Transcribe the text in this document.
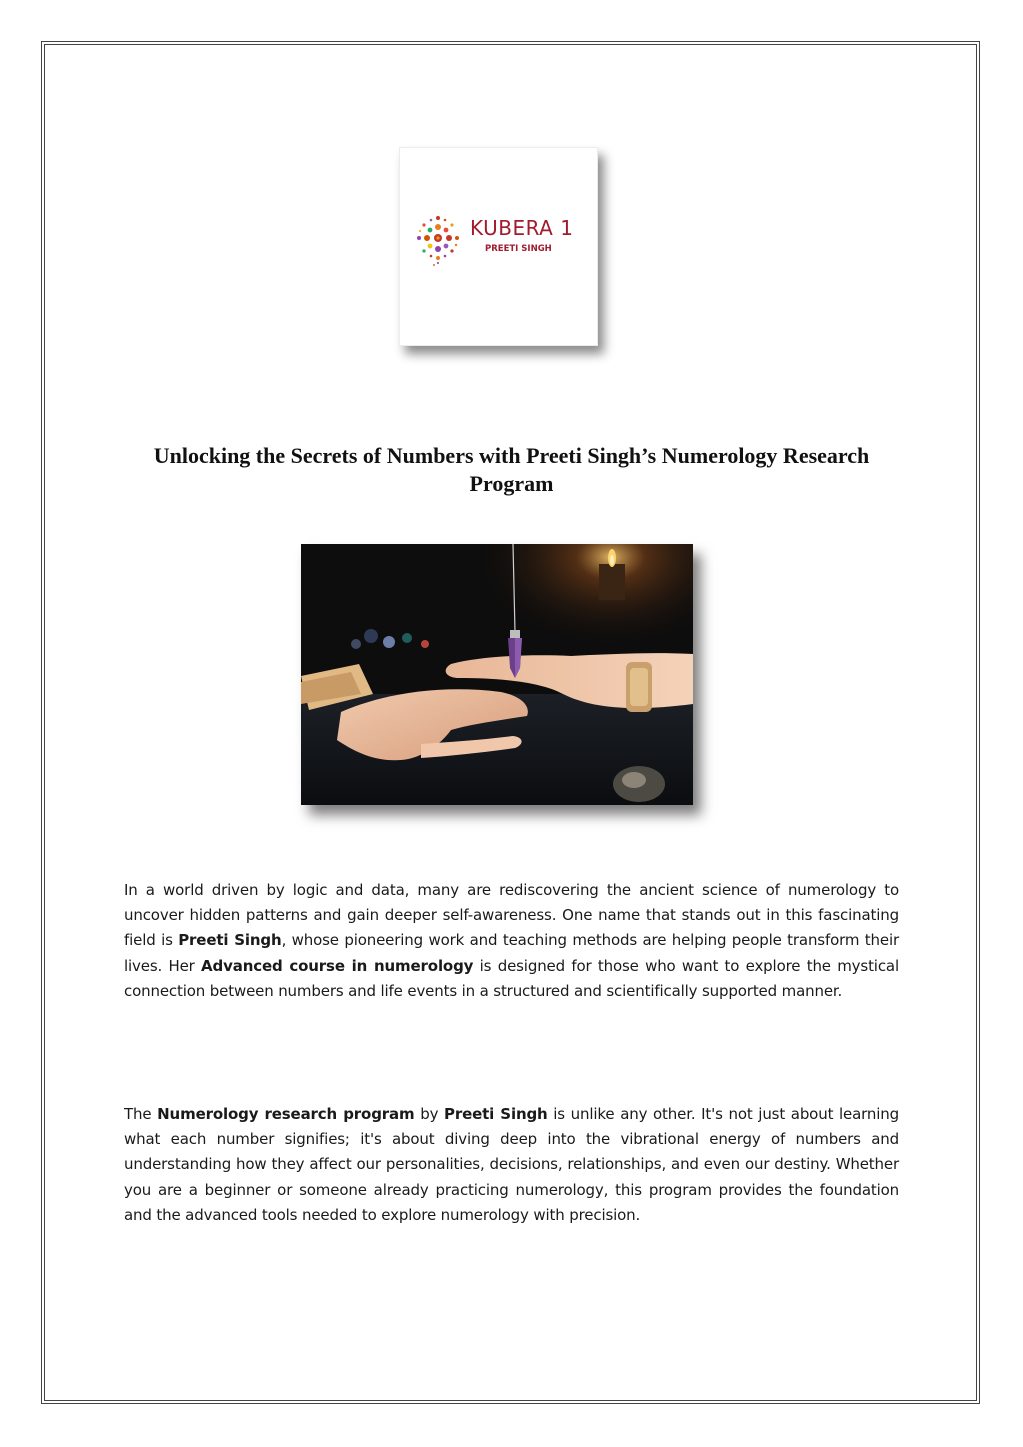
KUBERA 1
PREETI SINGH
Unlocking the Secrets of Numbers with Preeti Singh’s Numerology Research Program

In a world driven by logic and data, many are rediscovering the ancient science of numerology to uncover hidden patterns and gain deeper self-awareness. One name that stands out in this fascinating field is Preeti Singh, whose pioneering work and teaching methods are helping people transform their lives. Her Advanced course in numerology is designed for those who want to explore the mystical connection between numbers and life events in a structured and scientifically supported manner.

The Numerology research program by Preeti Singh is unlike any other. It's not just about learning what each number signifies; it's about diving deep into the vibrational energy of numbers and understanding how they affect our personalities, decisions, relationships, and even our destiny. Whether you are a beginner or someone already practicing numerology, this program provides the foundation and the advanced tools needed to explore numerology with precision.
